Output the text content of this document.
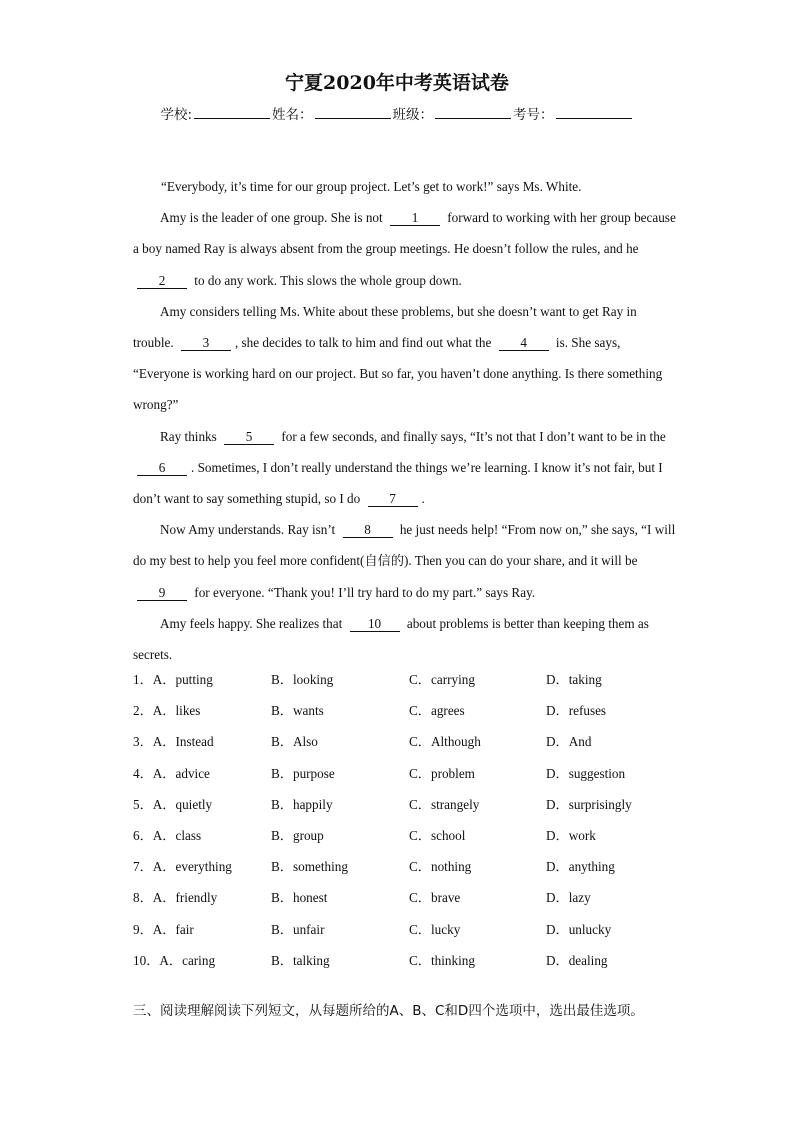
宁夏2020年中考英语试卷
学校:	姓名：	班级：	考号：

“Everybody, it’s time for our group project. Let’s get to work!” says Ms. White.

Amy is the leader of one group. She is not 1 forward to working with her group because a boy named Ray is always absent from the group meetings. He doesn’t follow the rules, and he 2 to do any work. This slows the whole group down.

Amy considers telling Ms. White about these problems, but she doesn’t want to get Ray in trouble. 3 , she decides to talk to him and find out what the 4 is. She says, “Everyone is working hard on our project. But so far, you haven’t done anything. Is there something wrong?”

Ray thinks 5 for a few seconds, and finally says, “It’s not that I don’t want to be in the 6 . Sometimes, I don’t really understand the things we’re learning. I know it’s not fair, but I don’t want to say something stupid, so I do 7 .

Now Amy understands. Ray isn’t 8 he just needs help! “From now on,” she says, “I will do my best to help you feel more confident(自信的). Then you can do your share, and it will be 9 for everyone. “Thank you! I’ll try hard to do my part.” says Ray.

Amy feels happy. She realizes that 10 about problems is better than keeping them as secrets.

1．A．putting	B．looking	C．carrying	D．taking
2．A．likes	B．wants	C．agrees	D．refuses
3．A．Instead	B．Also	C．Although	D．And
4．A．advice	B．purpose	C．problem	D．suggestion
5．A．quietly	B．happily	C．strangely	D．surprisingly
6．A．class	B．group	C．school	D．work
7．A．everything	B．something	C．nothing	D．anything
8．A．friendly	B．honest	C．brave	D．lazy
9．A．fair	B．unfair	C．lucky	D．unlucky
10．A．caring	B．talking	C．thinking	D．dealing
三、阅读理解阅读下列短文，从每题所给的A、B、C和D四个选项中，选出最佳选项。
